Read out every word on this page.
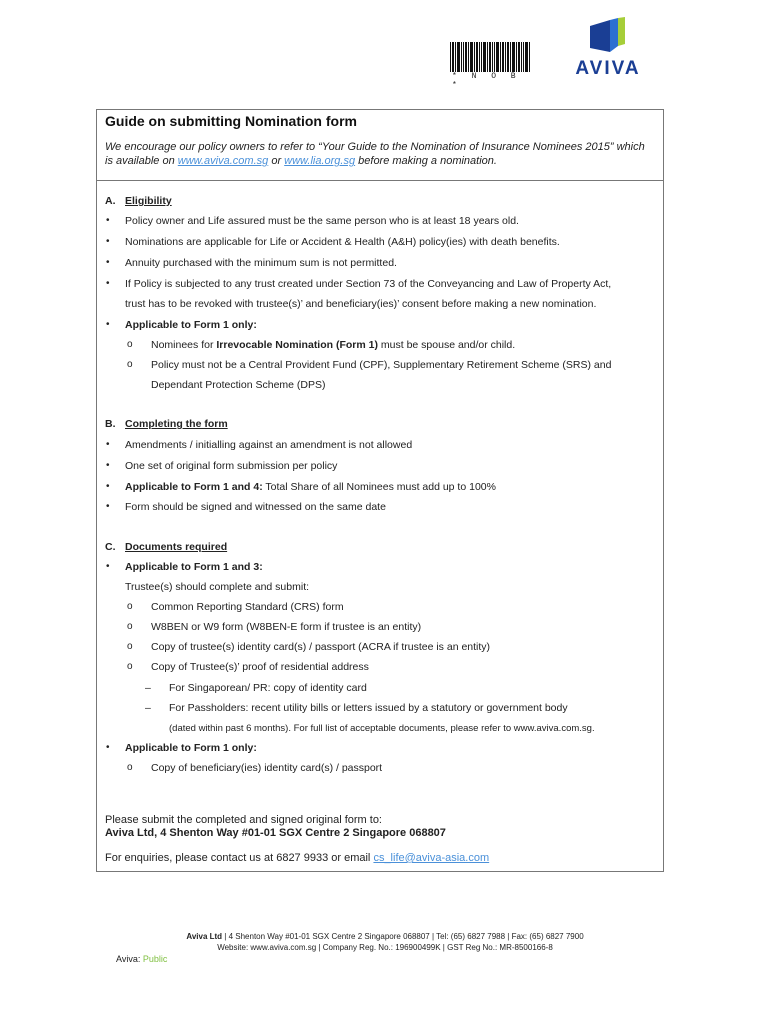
* N O B *
AVIVA
Guide on submitting Nomination form
We encourage our policy owners to refer to “Your Guide to the Nomination of Insurance Nominees 2015” which
is available on www.aviva.com.sg or www.lia.org.sg before making a nomination.
A. Eligibility
• Policy owner and Life assured must be the same person who is at least 18 years old.
• Nominations are applicable for Life or Accident & Health (A&H) policy(ies) with death benefits.
• Annuity purchased with the minimum sum is not permitted.
• If Policy is subjected to any trust created under Section 73 of the Conveyancing and Law of Property Act,
trust has to be revoked with trustee(s)’ and beneficiary(ies)’ consent before making a new nomination.
• Applicable to Form 1 only:
o Nominees for Irrevocable Nomination (Form 1) must be spouse and/or child.
o Policy must not be a Central Provident Fund (CPF), Supplementary Retirement Scheme (SRS) and
Dependant Protection Scheme (DPS)
B. Completing the form
• Amendments / initialling against an amendment is not allowed
• One set of original form submission per policy
• Applicable to Form 1 and 4: Total Share of all Nominees must add up to 100%
• Form should be signed and witnessed on the same date
C. Documents required
• Applicable to Form 1 and 3:
Trustee(s) should complete and submit:
o Common Reporting Standard (CRS) form
o W8BEN or W9 form (W8BEN-E form if trustee is an entity)
o Copy of trustee(s) identity card(s) / passport (ACRA if trustee is an entity)
o Copy of Trustee(s)’ proof of residential address
– For Singaporean/ PR: copy of identity card
– For Passholders: recent utility bills or letters issued by a statutory or government body
(dated within past 6 months). For full list of acceptable documents, please refer to www.aviva.com.sg.
• Applicable to Form 1 only:
o Copy of beneficiary(ies) identity card(s) / passport
Please submit the completed and signed original form to:
Aviva Ltd, 4 Shenton Way #01-01 SGX Centre 2 Singapore 068807
For enquiries, please contact us at 6827 9933 or email cs_life@aviva-asia.com
Aviva Ltd | 4 Shenton Way #01-01 SGX Centre 2 Singapore 068807 | Tel: (65) 6827 7988 | Fax: (65) 6827 7900
Website: www.aviva.com.sg | Company Reg. No.: 196900499K | GST Reg No.: MR-8500166-8
Aviva: Public
